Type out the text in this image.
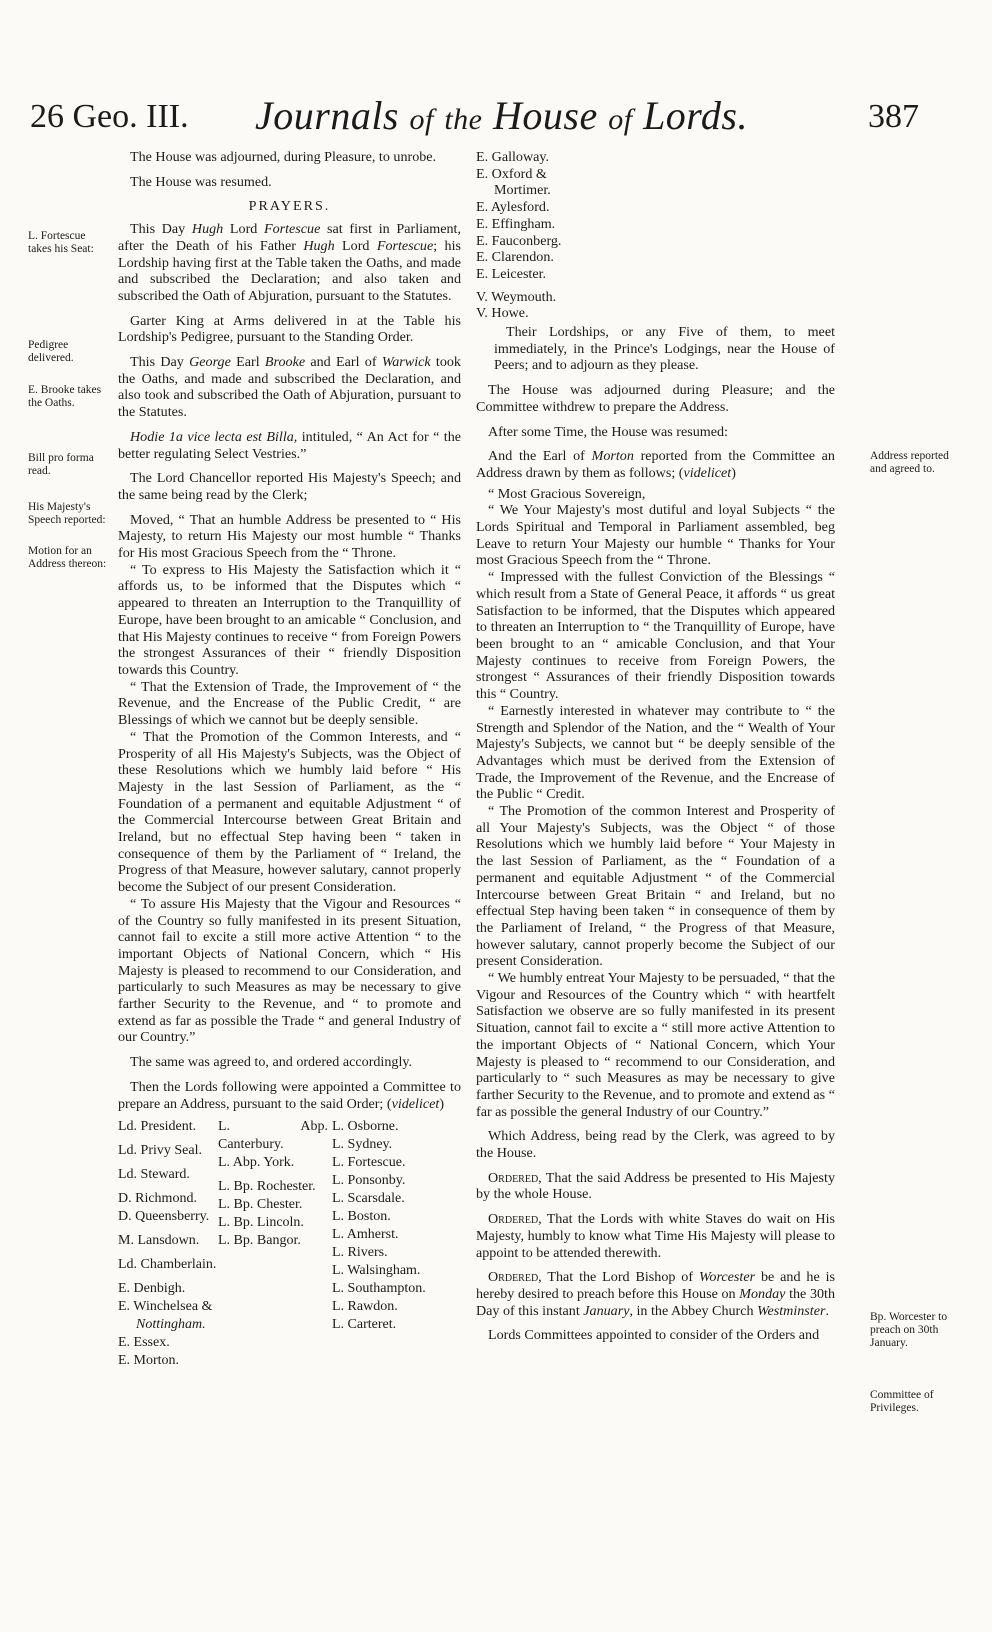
26 Geo. III. Journals of the House of Lords.	387
L. Fortescue takes his Seat:
Pedigree delivered.
E. Brooke takes the Oaths.
Bill pro forma read.
His Majesty's Speech reported:
Motion for an Address thereon:
Address reported and agreed to.
Bp. Worcester to preach on 30th January.
Committee of Privileges.

The House was adjourned, during Pleasure, to unrobe.

The House was resumed.

PRAYERS.

This Day Hugh Lord Fortescue sat first in Parliament, after the Death of his Father Hugh Lord Fortescue; his Lordship having first at the Table taken the Oaths, and made and subscribed the Declaration; and also taken and subscribed the Oath of Abjuration, pursuant to the Statutes.

Garter King at Arms delivered in at the Table his Lordship's Pedigree, pursuant to the Standing Order.

This Day George Earl Brooke and Earl of Warwick took the Oaths, and made and subscribed the Declaration, and also took and subscribed the Oath of Abjuration, pursuant to the Statutes.

Hodie 1a vice lecta est Billa, intituled, “ An Act for “ the better regulating Select Vestries.”

The Lord Chancellor reported His Majesty's Speech; and the same being read by the Clerk;

Moved, “ That an humble Address be presented to “ His Majesty, to return His Majesty our most humble “ Thanks for His most Gracious Speech from the “ Throne.

“ To express to His Majesty the Satisfaction which it “ affords us, to be informed that the Disputes which “ appeared to threaten an Interruption to the Tranquillity of Europe, have been brought to an amicable “ Conclusion, and that His Majesty continues to receive “ from Foreign Powers the strongest Assurances of their “ friendly Disposition towards this Country.

“ That the Extension of Trade, the Improvement of “ the Revenue, and the Encrease of the Public Credit, “ are Blessings of which we cannot but be deeply sensible.

“ That the Promotion of the Common Interests, and “ Prosperity of all His Majesty's Subjects, was the Object of these Resolutions which we humbly laid before “ His Majesty in the last Session of Parliament, as the “ Foundation of a permanent and equitable Adjustment “ of the Commercial Intercourse between Great Britain and Ireland, but no effectual Step having been “ taken in consequence of them by the Parliament of “ Ireland, the Progress of that Measure, however salutary, cannot properly become the Subject of our present Consideration.

“ To assure His Majesty that the Vigour and Resources “ of the Country so fully manifested in its present Situation, cannot fail to excite a still more active Attention “ to the important Objects of National Concern, which “ His Majesty is pleased to recommend to our Consideration, and particularly to such Measures as may be necessary to give farther Security to the Revenue, and “ to promote and extend as far as possible the Trade “ and general Industry of our Country.”

The same was agreed to, and ordered accordingly.

Then the Lords following were appointed a Committee to prepare an Address, pursuant to the said Order; (videlicet)

Ld. President.
Ld. Privy Seal.
Ld. Steward.
D. Richmond.
D. Queensberry.
M. Lansdown.
Ld. Chamberlain.
E. Denbigh.
E. Winchelsea &
Nottingham.
E. Essex.
E. Morton.
L. Abp. Canterbury.
L. Abp. York.
L. Bp. Rochester.
L. Bp. Chester.
L. Bp. Lincoln.
L. Bp. Bangor.
L. Osborne.
L. Sydney.
L. Fortescue.
L. Ponsonby.
L. Scarsdale.
L. Boston.
L. Amherst.
L. Rivers.
L. Walsingham.
L. Southampton.
L. Rawdon.
L. Carteret.
E. Galloway.
E. Oxford &
Mortimer.
E. Aylesford.
E. Effingham.
E. Fauconberg.
E. Clarendon.
E. Leicester.
V. Weymouth.
V. Howe.

Their Lordships, or any Five of them, to meet immediately, in the Prince's Lodgings, near the House of Peers; and to adjourn as they please.

The House was adjourned during Pleasure; and the Committee withdrew to prepare the Address.

After some Time, the House was resumed:

And the Earl of Morton reported from the Committee an Address drawn by them as follows; (videlicet)

“ Most Gracious Sovereign,

“ We Your Majesty's most dutiful and loyal Subjects “ the Lords Spiritual and Temporal in Parliament assembled, beg Leave to return Your Majesty our humble “ Thanks for Your most Gracious Speech from the “ Throne.

“ Impressed with the fullest Conviction of the Blessings “ which result from a State of General Peace, it affords “ us great Satisfaction to be informed, that the Disputes which appeared to threaten an Interruption to “ the Tranquillity of Europe, have been brought to an “ amicable Conclusion, and that Your Majesty continues to receive from Foreign Powers, the strongest “ Assurances of their friendly Disposition towards this “ Country.

“ Earnestly interested in whatever may contribute to “ the Strength and Splendor of the Nation, and the “ Wealth of Your Majesty's Subjects, we cannot but “ be deeply sensible of the Advantages which must be derived from the Extension of Trade, the Improvement of the Revenue, and the Encrease of the Public “ Credit.

“ The Promotion of the common Interest and Prosperity of all Your Majesty's Subjects, was the Object “ of those Resolutions which we humbly laid before “ Your Majesty in the last Session of Parliament, as the “ Foundation of a permanent and equitable Adjustment “ of the Commercial Intercourse between Great Britain “ and Ireland, but no effectual Step having been taken “ in consequence of them by the Parliament of Ireland, “ the Progress of that Measure, however salutary, cannot properly become the Subject of our present Consideration.

“ We humbly entreat Your Majesty to be persuaded, “ that the Vigour and Resources of the Country which “ with heartfelt Satisfaction we observe are so fully manifested in its present Situation, cannot fail to excite a “ still more active Attention to the important Objects of “ National Concern, which Your Majesty is pleased to “ recommend to our Consideration, and particularly to “ such Measures as may be necessary to give farther Security to the Revenue, and to promote and extend as “ far as possible the general Industry of our Country.”

Which Address, being read by the Clerk, was agreed to by the House.

Ordered, That the said Address be presented to His Majesty by the whole House.

Ordered, That the Lords with white Staves do wait on His Majesty, humbly to know what Time His Majesty will please to appoint to be attended therewith.

Ordered, That the Lord Bishop of Worcester be and he is hereby desired to preach before this House on Monday the 30th Day of this instant January, in the Abbey Church Westminster.

Lords Committees appointed to consider of the Orders and
